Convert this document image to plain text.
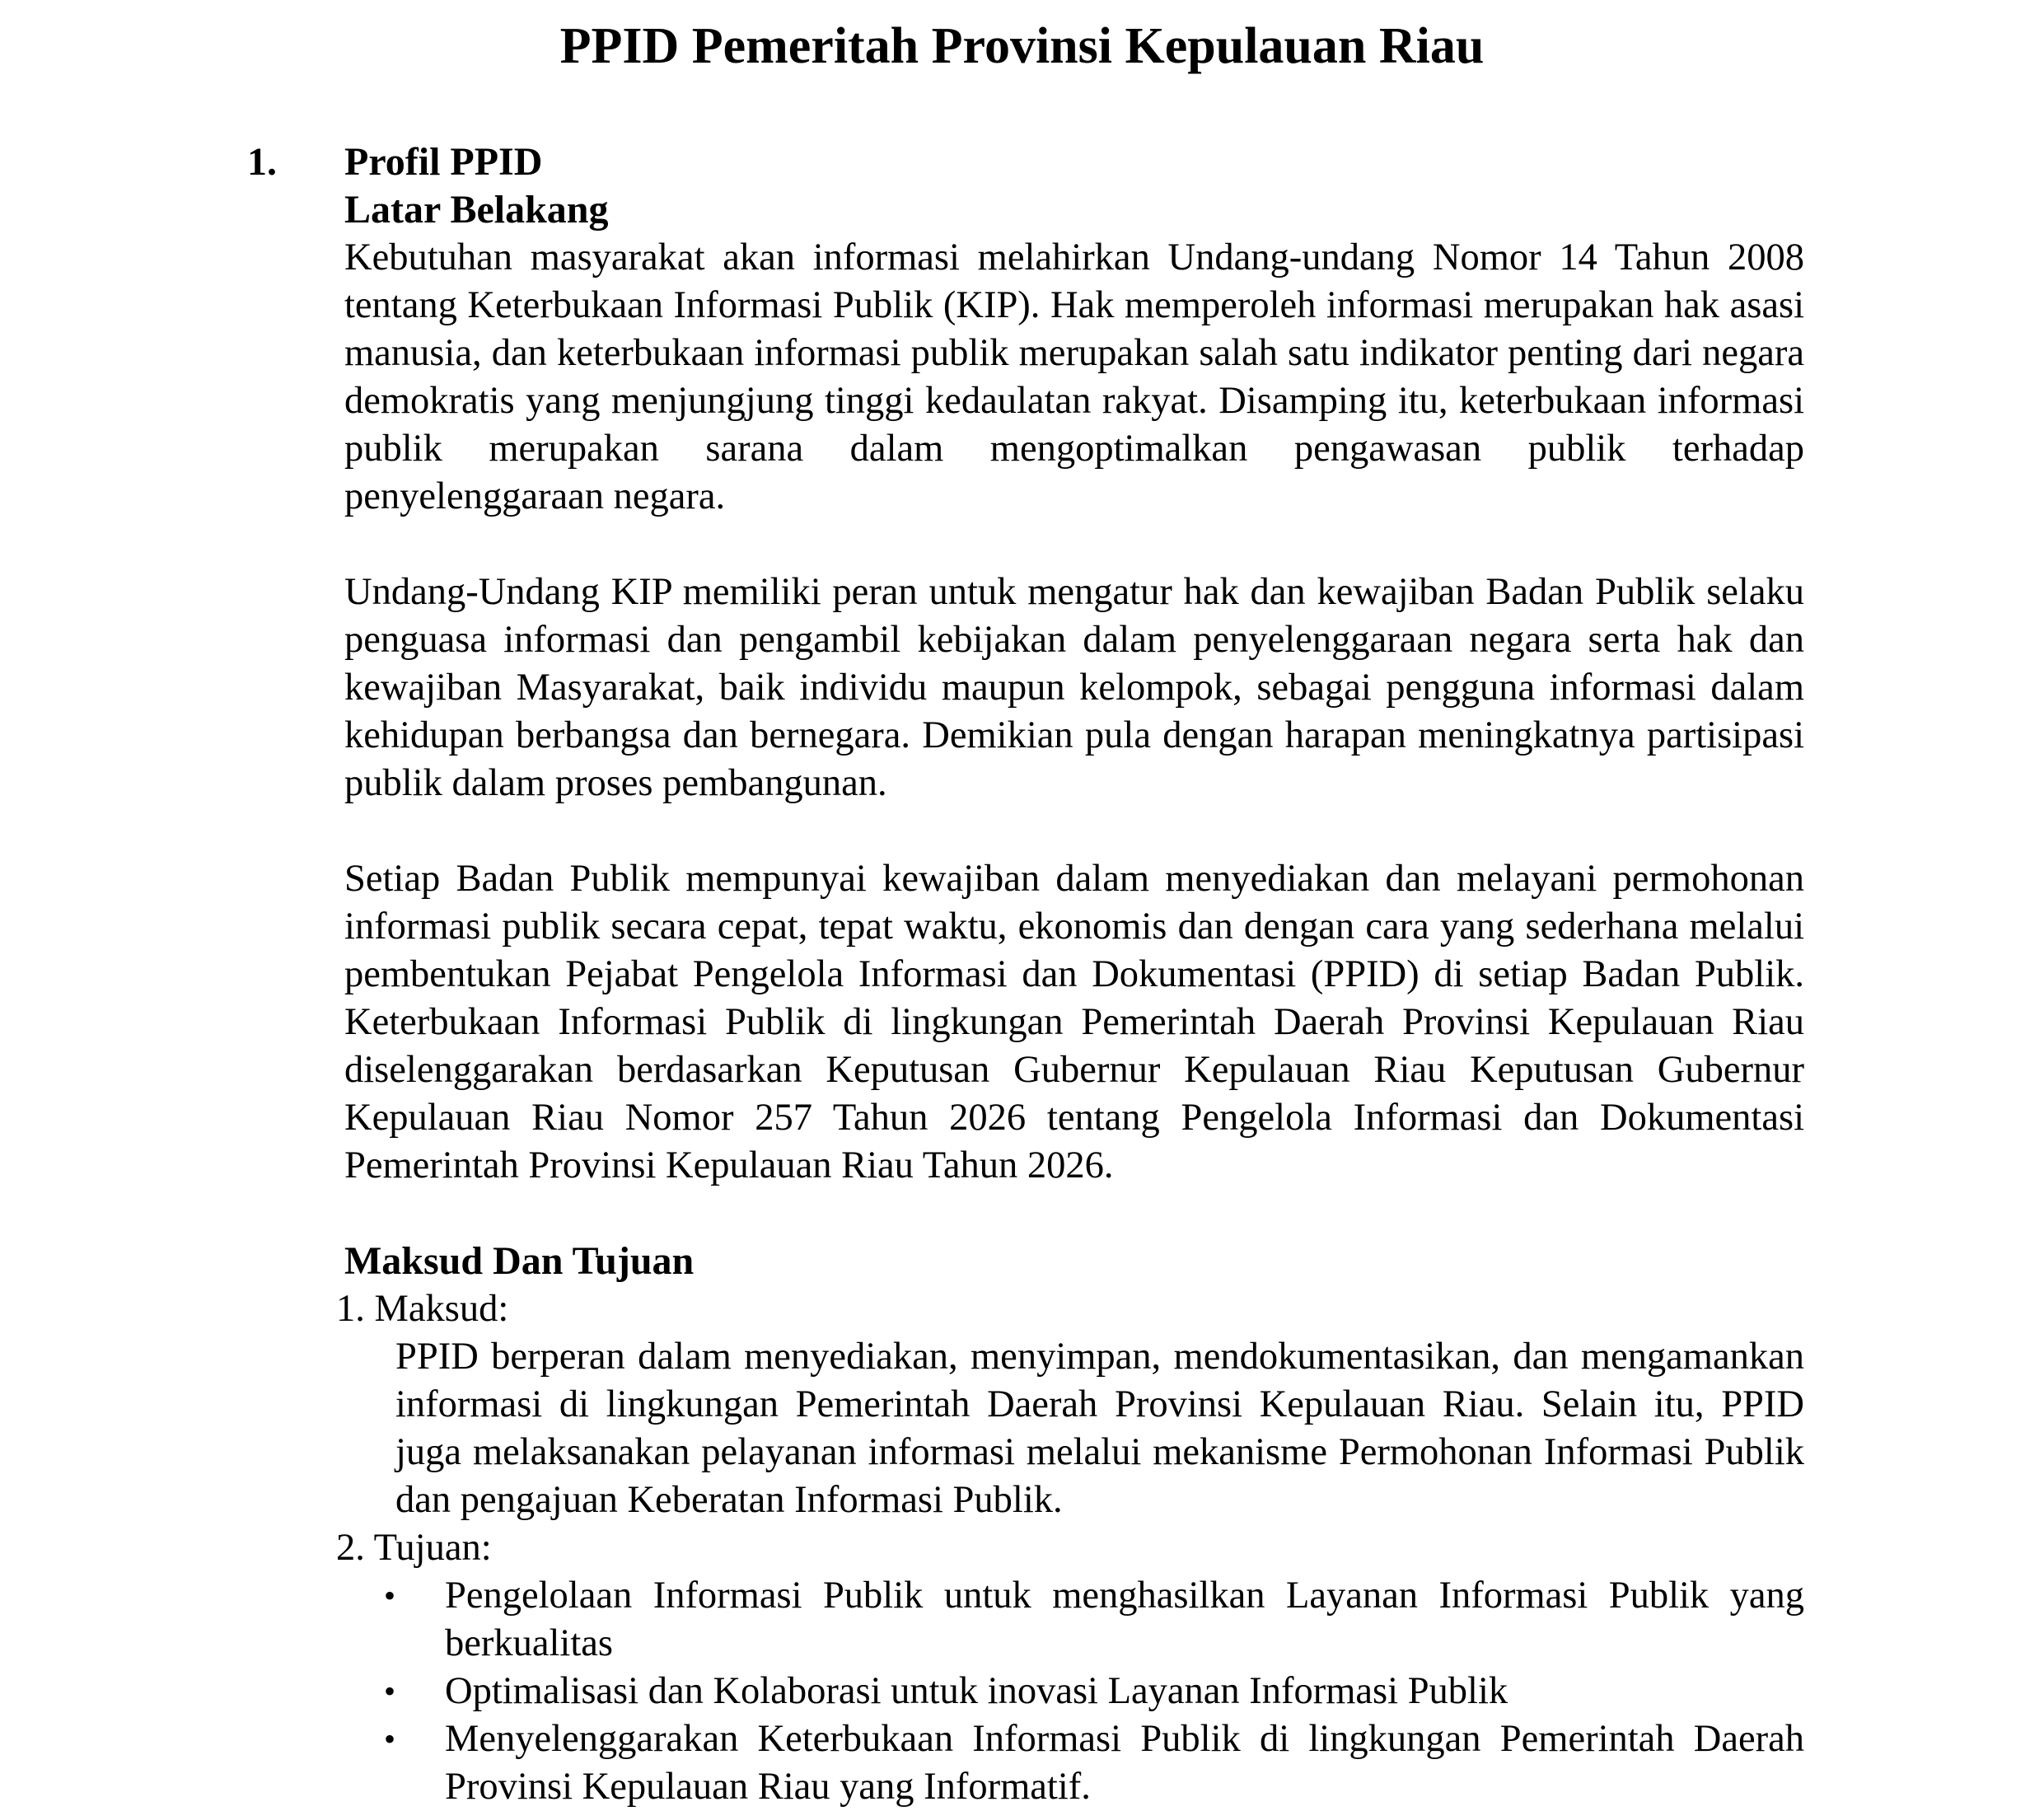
PPID Pemeritah Provinsi Kepulauan Riau
1. Profil PPID
Latar Belakang

Kebutuhan masyarakat akan informasi melahirkan Undang-undang Nomor 14 Tahun 2008 tentang Keterbukaan Informasi Publik (KIP). Hak memperoleh informasi merupakan hak asasi manusia, dan keterbukaan informasi publik merupakan salah satu indikator penting dari negara demokratis yang menjungjung tinggi kedaulatan rakyat. Disamping itu, keterbukaan informasi publik merupakan sarana dalam mengoptimalkan pengawasan publik terhadap penyelenggaraan negara.

Undang-Undang KIP memiliki peran untuk mengatur hak dan kewajiban Badan Publik selaku penguasa informasi dan pengambil kebijakan dalam penyelenggaraan negara serta hak dan kewajiban Masyarakat, baik individu maupun kelompok, sebagai pengguna informasi dalam kehidupan berbangsa dan bernegara. Demikian pula dengan harapan meningkatnya partisipasi publik dalam proses pembangunan.

Setiap Badan Publik mempunyai kewajiban dalam menyediakan dan melayani permohonan informasi publik secara cepat, tepat waktu, ekonomis dan dengan cara yang sederhana melalui pembentukan Pejabat Pengelola Informasi dan Dokumentasi (PPID) di setiap Badan Publik. Keterbukaan Informasi Publik di lingkungan Pemerintah Daerah Provinsi Kepulauan Riau diselenggarakan berdasarkan Keputusan Gubernur Kepulauan Riau Keputusan Gubernur Kepulauan Riau Nomor 257 Tahun 2026 tentang Pengelola Informasi dan Dokumentasi Pemerintah Provinsi Kepulauan Riau Tahun 2026.

Maksud Dan Tujuan
1. Maksud:

PPID berperan dalam menyediakan, menyimpan, mendokumentasikan, dan mengamankan informasi di lingkungan Pemerintah Daerah Provinsi Kepulauan Riau. Selain itu, PPID juga melaksanakan pelayanan informasi melalui mekanisme Permohonan Informasi Publik dan pengajuan Keberatan Informasi Publik.

2. Tujuan:
• Pengelolaan Informasi Publik untuk menghasilkan Layanan Informasi Publik yang berkualitas
• Optimalisasi dan Kolaborasi untuk inovasi Layanan Informasi Publik
• Menyelenggarakan Keterbukaan Informasi Publik di lingkungan Pemerintah Daerah Provinsi Kepulauan Riau yang Informatif.
